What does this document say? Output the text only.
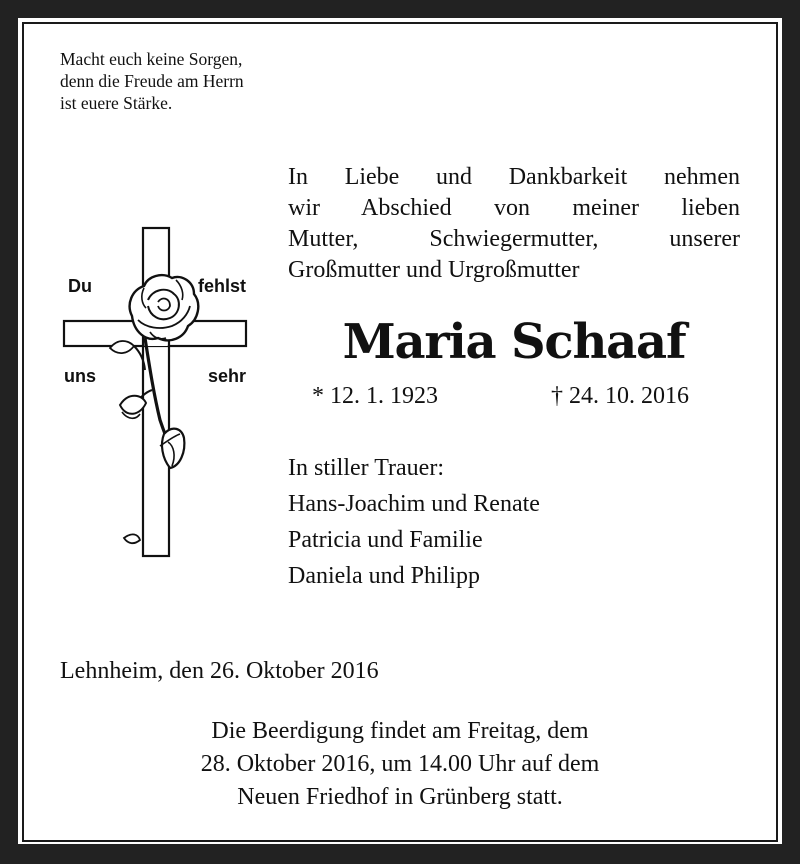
Macht euch keine Sorgen,
denn die Freude am Herrn
ist euere Stärke.
Du	fehlst
uns	sehr
In Liebe und Dankbarkeit nehmen
wir Abschied von meiner lieben
Mutter, Schwiegermutter, unserer
Großmutter und Urgroßmutter
Maria Schaaf
* 12. 1. 1923	† 24. 10. 2016
In stiller Trauer:
Hans-Joachim und Renate
Patricia und Familie
Daniela und Philipp
Lehnheim, den 26. Oktober 2016
Die Beerdigung findet am Freitag, dem
28. Oktober 2016, um 14.00 Uhr auf dem
Neuen Friedhof in Grünberg statt.
